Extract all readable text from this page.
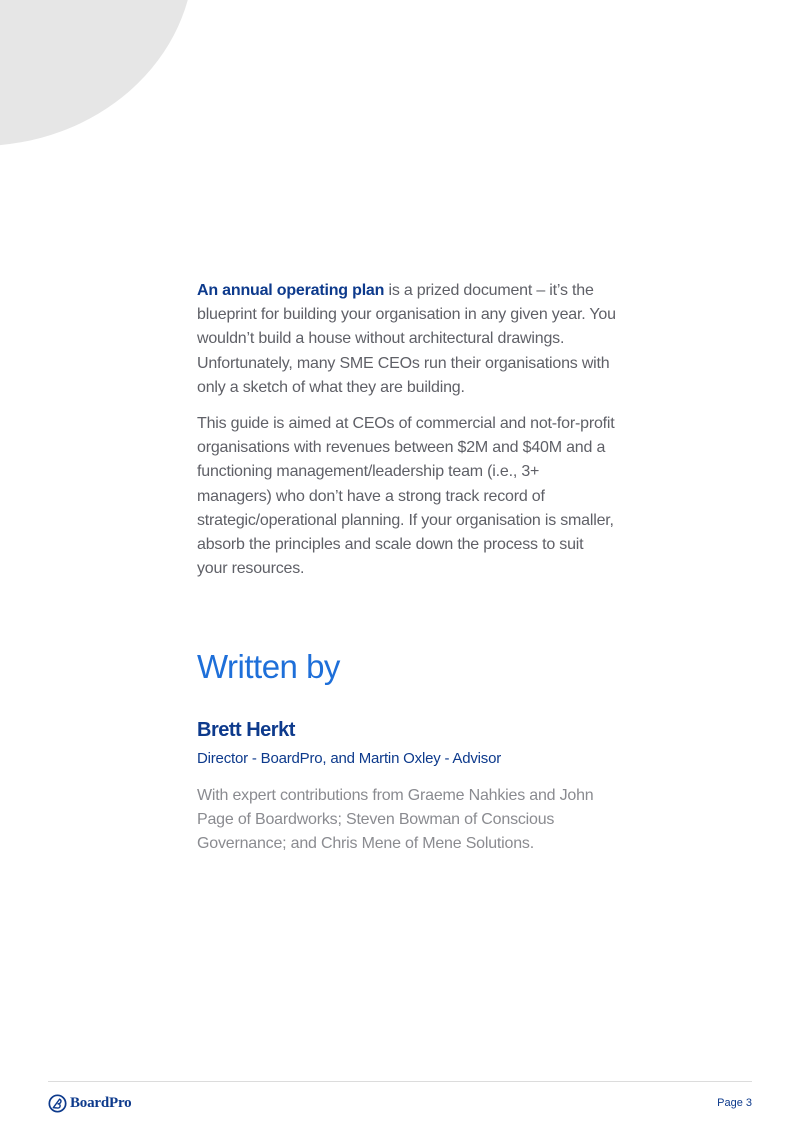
An annual operating plan is a prized document – it’s the blueprint for building your organisation in any given year. You wouldn’t build a house without architectural drawings. Unfortunately, many SME CEOs run their organisations with only a sketch of what they are building.

This guide is aimed at CEOs of commercial and not-for-profit organisations with revenues between $2M and $40M and a functioning management/leadership team (i.e., 3+ managers) who don’t have a strong track record of strategic/operational planning. If your organisation is smaller, absorb the principles and scale down the process to suit your resources.

Written by
Brett Herkt

Director - BoardPro, and Martin Oxley - Advisor

With expert contributions from Graeme Nahkies and John Page of Boardworks; Steven Bowman of Conscious Governance; and Chris Mene of Mene Solutions.

BoardPro	Page 3
